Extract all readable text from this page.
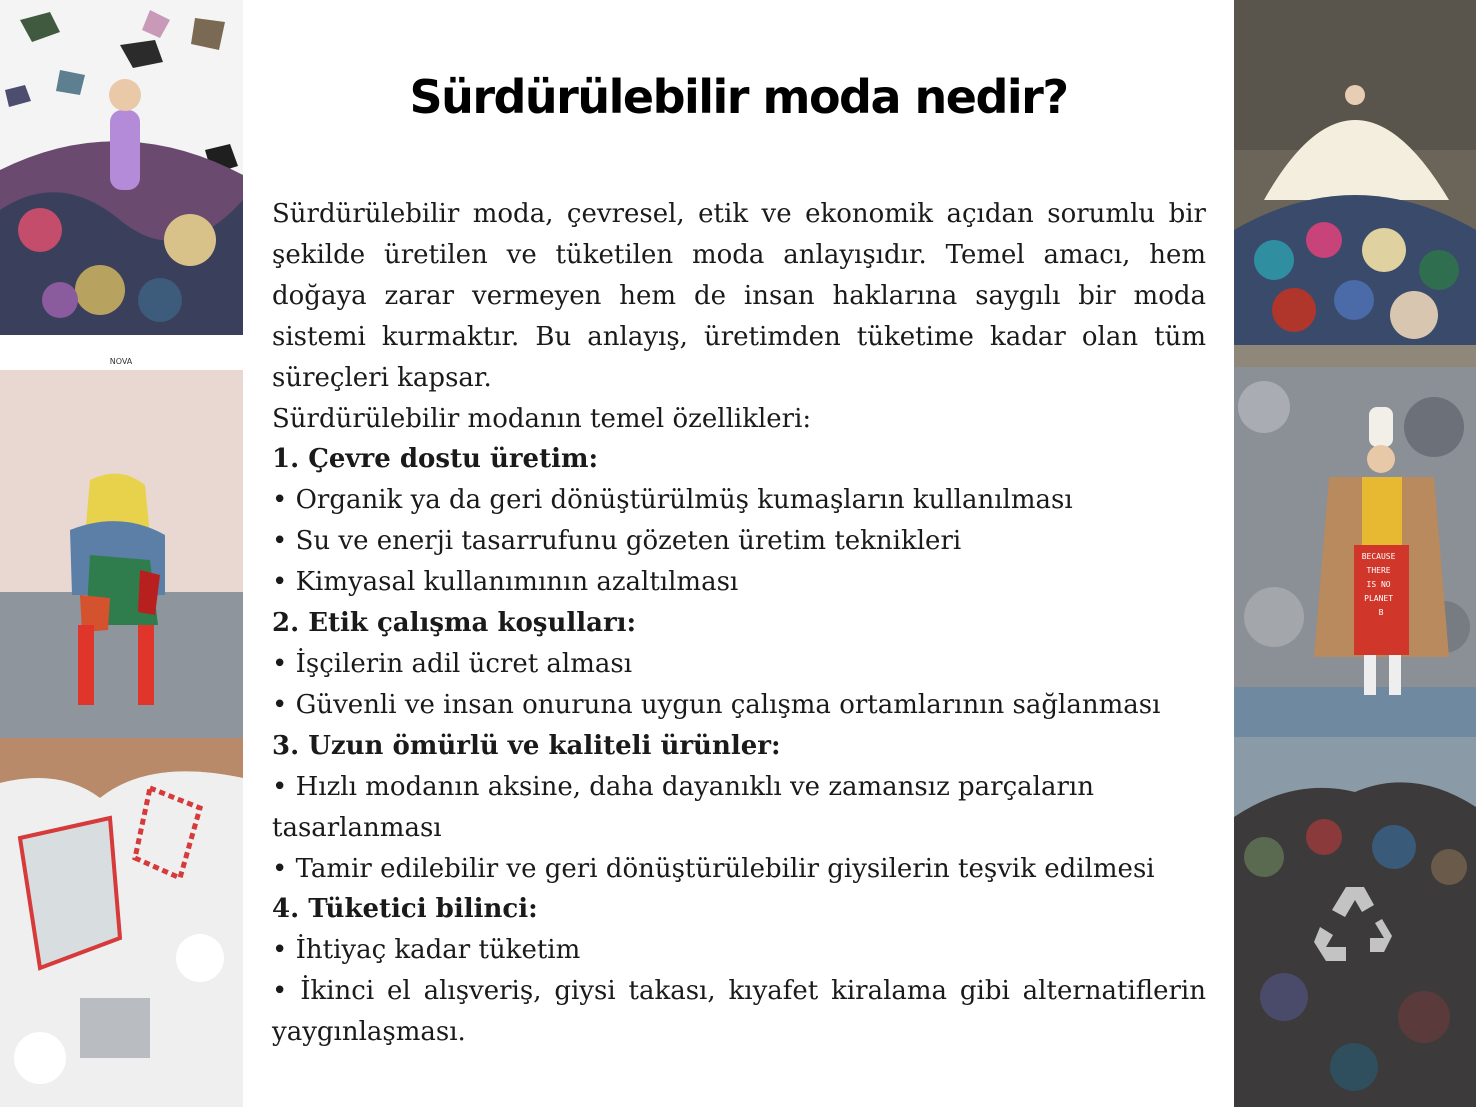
NOVA
BECAUSE THERE IS NO PLANET B
Sürdürülebilir moda nedir?

Sürdürülebilir moda, çevresel, etik ve ekonomik açıdan sorumlu bir şekilde üretilen ve tüketilen moda anlayışıdır. Temel amacı, hem doğaya zarar vermeyen hem de insan haklarına saygılı bir moda sistemi kurmaktır. Bu anlayış, üretimden tüketime kadar olan tüm süreçleri kapsar.

Sürdürülebilir modanın temel özellikleri:

1. Çevre dostu üretim:

• Organik ya da geri dönüştürülmüş kumaşların kullanılması

• Su ve enerji tasarrufunu gözeten üretim teknikleri

• Kimyasal kullanımının azaltılması

2. Etik çalışma koşulları:

• İşçilerin adil ücret alması

• Güvenli ve insan onuruna uygun çalışma ortamlarının sağlanması

3. Uzun ömürlü ve kaliteli ürünler:

• Hızlı modanın aksine, daha dayanıklı ve zamansız parçaların tasarlanması

• Tamir edilebilir ve geri dönüştürülebilir giysilerin teşvik edilmesi

4. Tüketici bilinci:

• İhtiyaç kadar tüketim

• İkinci el alışveriş, giysi takası, kıyafet kiralama gibi alternatiflerin yaygınlaşması.
